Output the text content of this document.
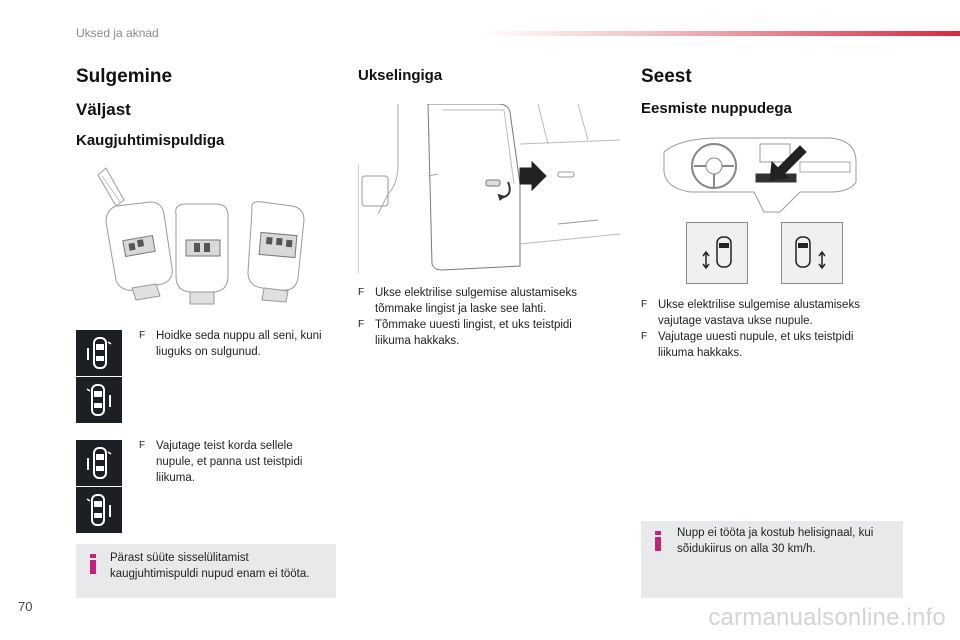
Uksed ja aknad
Sulgemine
Väljast
Kaugjuhtimispuldiga
F Hoidke seda nuppu all seni, kuni
liuguks on sulgunud.
F Vajutage teist korda sellele
nupule, et panna ust teistpidi
liikuma.
Pärast süüte sisselülitamist
kaugjuhtimispuldi nupud enam ei tööta.
Ukselingiga
F Ukse elektrilise sulgemise alustamiseks
tõmmake lingist ja laske see lahti.
F Tõmmake uuesti lingist, et uks teistpidi
liikuma hakkaks.
Seest
Eesmiste nuppudega
F Ukse elektrilise sulgemise alustamiseks
vajutage vastava ukse nupule.
F Vajutage uuesti nupule, et uks teistpidi
liikuma hakkaks.
Nupp ei tööta ja kostub helisignaal, kui
sõidukiirus on alla 30 km/h.
70	carmanualsonline.info
